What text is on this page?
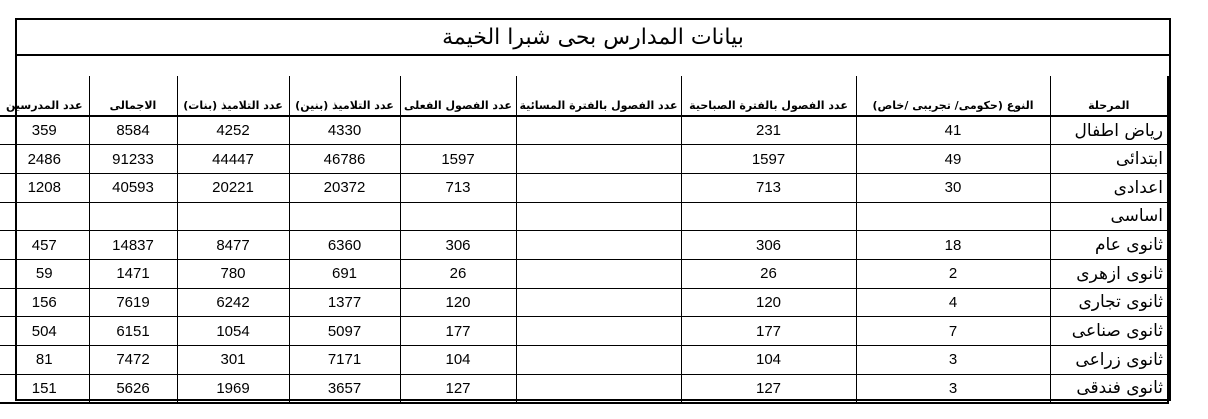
بيانات المدارس بحى شبرا الخيمة
عدد المدرسين	الاجمالى	عدد التلاميذ (بنات)	عدد التلاميذ (بنين)	عدد الفصول الفعلى	عدد الفصول بالفترة المسائية	عدد الفصول بالفترة الصباحية	النوع (حكومى/ تجريبى /خاص)	المرحلة
359	8584	4252	4330			231	41	رياض اطفال
2486	91233	44447	46786	1597		1597	49	ابتدائى
1208	40593	20221	20372	713		713	30	اعدادى
								اساسى
457	14837	8477	6360	306		306	18	ثانوى عام
59	1471	780	691	26		26	2	ثانوى ازهرى
156	7619	6242	1377	120		120	4	ثانوى تجارى
504	6151	1054	5097	177		177	7	ثانوى صناعى
81	7472	301	7171	104		104	3	ثانوى زراعى
151	5626	1969	3657	127		127	3	ثانوى فندقى
